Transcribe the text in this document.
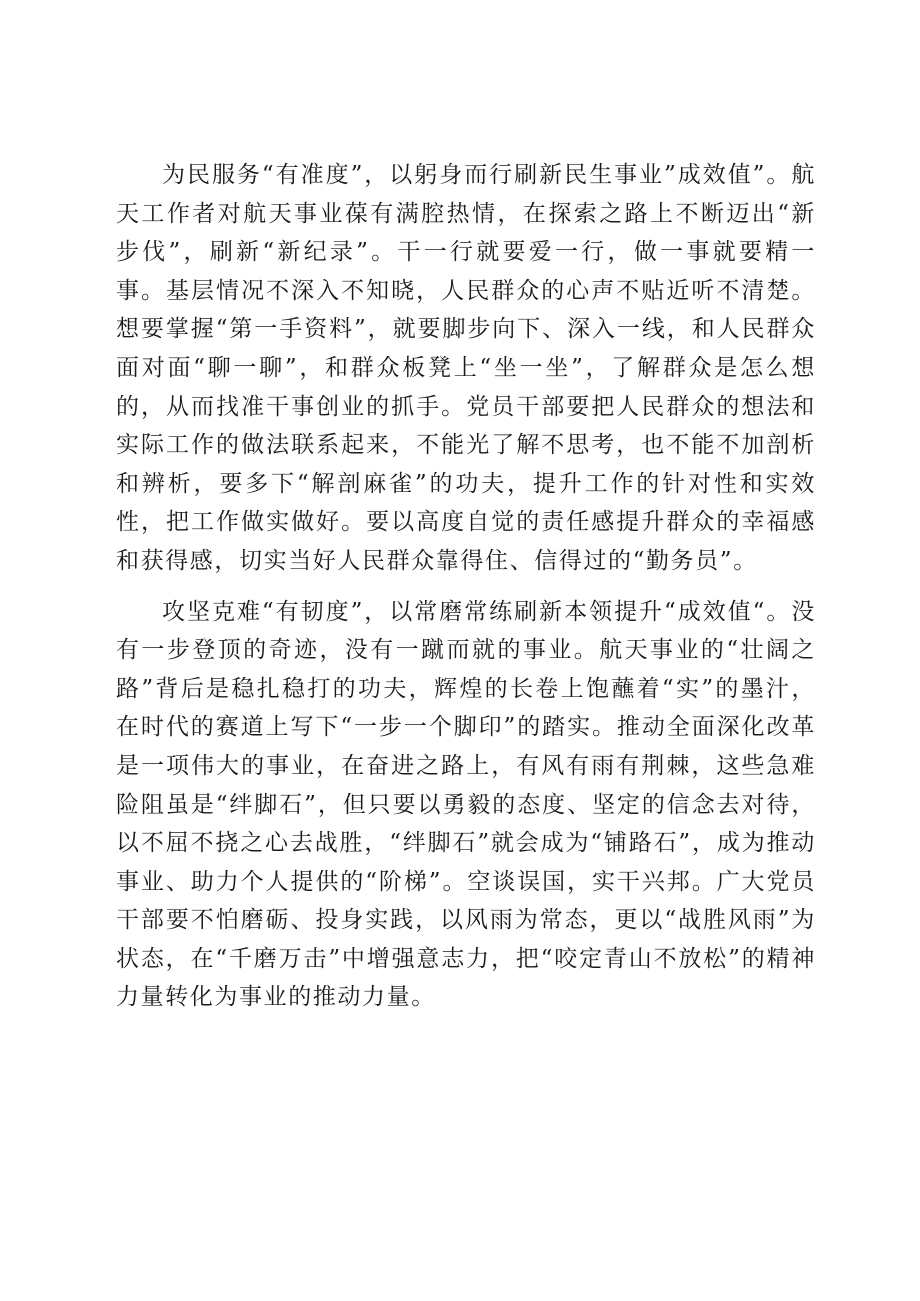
为民服务“有准度”，以躬身而行刷新民生事业”成效值”。航天工作者对航天事业葆有满腔热情，在探索之路上不断迈出“新步伐”，刷新“新纪录”。干一行就要爱一行，做一事就要精一事。基层情况不深入不知晓，人民群众的心声不贴近听不清楚。想要掌握“第一手资料”，就要脚步向下、深入一线，和人民群众面对面“聊一聊”，和群众板凳上“坐一坐”，了解群众是怎么想的，从而找准干事创业的抓手。党员干部要把人民群众的想法和实际工作的做法联系起来，不能光了解不思考，也不能不加剖析和辨析，要多下“解剖麻雀”的功夫，提升工作的针对性和实效性，把工作做实做好。要以高度自觉的责任感提升群众的幸福感和获得感，切实当好人民群众靠得住、信得过的“勤务员”。

攻坚克难“有韧度”，以常磨常练刷新本领提升“成效值“。没有一步登顶的奇迹，没有一蹴而就的事业。航天事业的“壮阔之路”背后是稳扎稳打的功夫，辉煌的长卷上饱蘸着“实”的墨汁，在时代的赛道上写下“一步一个脚印”的踏实。推动全面深化改革是一项伟大的事业，在奋进之路上，有风有雨有荆棘，这些急难险阻虽是“绊脚石”，但只要以勇毅的态度、坚定的信念去对待，以不屈不挠之心去战胜，“绊脚石”就会成为“铺路石”，成为推动事业、助力个人提供的“阶梯”。空谈误国，实干兴邦。广大党员干部要不怕磨砺、投身实践，以风雨为常态，更以“战胜风雨”为状态，在“千磨万击”中增强意志力，把“咬定青山不放松”的精神力量转化为事业的推动力量。
